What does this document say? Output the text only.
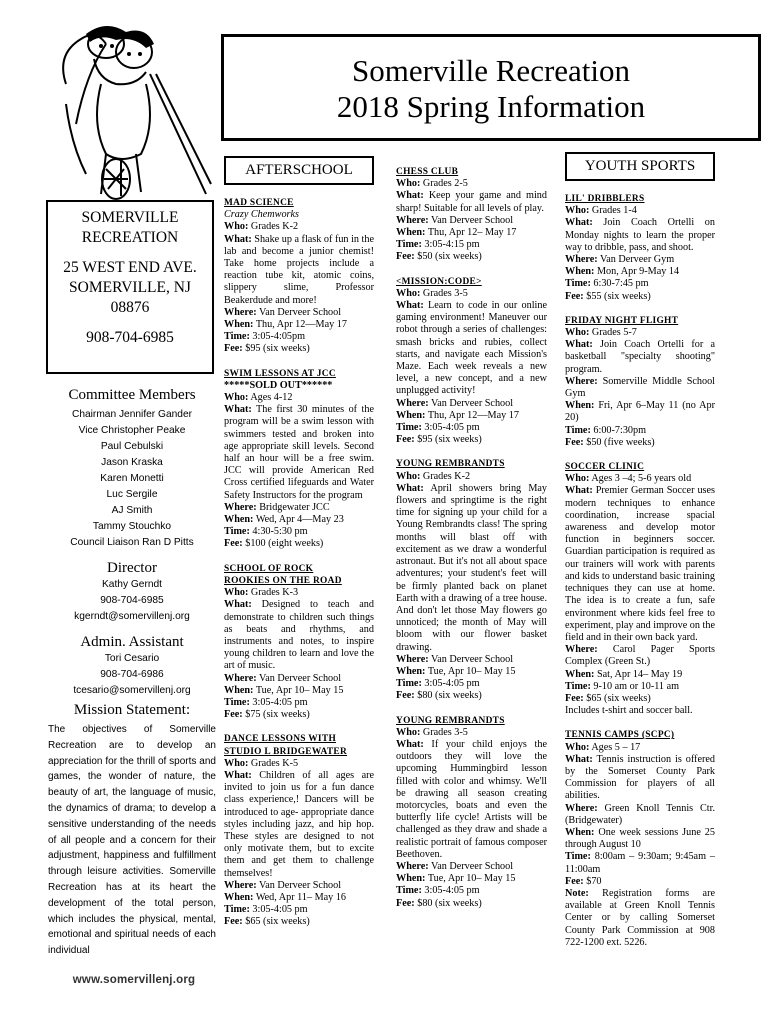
Somerville Recreation
2018 Spring Information
SOMERVILLE
RECREATION
25 WEST END AVE.
SOMERVILLE, NJ
08876
908-704-6985
Committee Members
Chairman Jennifer Gander
Vice Christopher Peake
Paul Cebulski
Jason Kraska
Karen Monetti
Luc Sergile
AJ Smith
Tammy Stouchko
Council Liaison Ran D Pitts
Director
Kathy Gerndt
908-704-6985
kgerndt@somervillenj.org
Admin. Assistant
Tori Cesario
908-704-6986
tcesario@somervillenj.org
Mission Statement:
The objectives of Somerville Recreation are to develop an appreciation for the thrill of sports and games, the wonder of nature, the beauty of art, the language of music, the dynamics of drama; to develop a sensitive understanding of the needs of all people and a concern for their adjustment, happiness and fulfillment through leisure activities. Somerville Recreation has at its heart the development of the total person, which includes the physical, mental, emotional and spiritual needs of each individual
www.somervillenj.org
AFTERSCHOOL
MAD SCIENCE
Crazy Chemworks
Who: Grades K-2
What: Shake up a flask of fun in the lab and become a junior chemist! Take home projects include a reaction tube kit, atomic coins, slippery slime, Professor Beakerdude and more!
Where: Van Derveer School
When: Thu, Apr 12—May 17
Time: 3:05-4:05pm
Fee: $95 (six weeks)
SWIM LESSONS AT JCC
*****SOLD OUT******
Who: Ages 4-12
What: The first 30 minutes of the program will be a swim lesson with swimmers tested and broken into age appropriate skill levels. Second half an hour will be a free swim. JCC will provide American Red Cross certified lifeguards and Water Safety Instructors for the program
Where: Bridgewater JCC
When: Wed, Apr 4—May 23
Time: 4:30-5:30 pm
Fee: $100 (eight weeks)
SCHOOL OF ROCK
ROOKIES ON THE ROAD
Who: Grades K-3
What: Designed to teach and demonstrate to children such things as beats and rhythms, and instruments and notes, to inspire young children to learn and love the art of music.
Where: Van Derveer School
When: Tue, Apr 10– May 15
Time: 3:05-4:05 pm
Fee: $75 (six weeks)
DANCE LESSONS WITH
STUDIO L BRIDGEWATER
Who: Grades K-5
What: Children of all ages are invited to join us for a fun dance class experience,! Dancers will be introduced to age- appropriate dance styles including jazz, and hip hop. These styles are designed to not only motivate them, but to excite them and get them to challenge themselves!
Where: Van Derveer School
When: Wed, Apr 11– May 16
Time: 3:05-4:05 pm
Fee: $65 (six weeks)
CHESS CLUB
Who: Grades 2-5
What: Keep your game and mind sharp! Suitable for all levels of play.
Where: Van Derveer School
When: Thu, Apr 12– May 17
Time: 3:05-4:15 pm
Fee: $50 (six weeks)
<MISSION:CODE>
Who: Grades 3-5
What: Learn to code in our online gaming environment! Maneuver our robot through a series of challenges: smash bricks and rubies, collect starts, and navigate each Mission's Maze. Each week reveals a new level, a new concept, and a new unplugged activity!
Where: Van Derveer School
When: Thu, Apr 12—May 17
Time: 3:05-4:05 pm
Fee: $95 (six weeks)
YOUNG REMBRANDTS
Who: Grades K-2
What: April showers bring May flowers and springtime is the right time for signing up your child for a Young Rembrandts class! The spring months will blast off with excitement as we draw a wonderful astronaut. But it's not all about space adventures; your student's feet will be firmly planted back on planet Earth with a drawing of a tree house. And don't let those May flowers go unnoticed; the month of May will bloom with our flower basket drawing.
Where: Van Derveer School
When: Tue, Apr 10– May 15
Time: 3:05-4:05 pm
Fee: $80 (six weeks)
YOUNG REMBRANDTS
Who: Grades 3-5
What: If your child enjoys the outdoors they will love the upcoming Hummingbird lesson filled with color and whimsy. We'll be drawing all season creating motorcycles, boats and even the butterfly life cycle! Artists will be challenged as they draw and shade a realistic portrait of famous composer Beethoven.
Where: Van Derveer School
When: Tue, Apr 10– May 15
Time: 3:05-4:05 pm
Fee: $80 (six weeks)
YOUTH SPORTS
LIL' DRIBBLERS
Who: Grades 1-4
What: Join Coach Ortelli on Monday nights to learn the proper way to dribble, pass, and shoot.
Where: Van Derveer Gym
When: Mon, Apr 9-May 14
Time: 6:30-7:45 pm
Fee: $55 (six weeks)
FRIDAY NIGHT FLIGHT
Who: Grades 5-7
What: Join Coach Ortelli for a basketball "specialty shooting" program.
Where: Somerville Middle School Gym
When: Fri, Apr 6–May 11 (no Apr 20)
Time: 6:00-7:30pm
Fee: $50 (five weeks)
SOCCER CLINIC
Who: Ages 3 –4; 5-6 years old
What: Premier German Soccer uses modern techniques to enhance coordination, increase spacial awareness and develop motor function in beginners soccer. Guardian participation is required as our trainers will work with parents and kids to understand basic training techniques they can use at home. The idea is to create a fun, safe environment where kids feel free to experiment, play and improve on the field and in their own back yard.
Where: Carol Pager Sports Complex (Green St.)
When: Sat, Apr 14– May 19
Time: 9-10 am or 10-11 am
Fee: $65 (six weeks)
Includes t-shirt and soccer ball.
TENNIS CAMPS (SCPC)
Who: Ages 5 – 17
What: Tennis instruction is offered by the Somerset County Park Commission for players of all abilities.
Where: Green Knoll Tennis Ctr. (Bridgewater)
When: One week sessions June 25 through August 10
Time: 8:00am – 9:30am; 9:45am – 11:00am
Fee: $70
Note: Registration forms are available at Green Knoll Tennis Center or by calling Somerset County Park Commission at 908 722-1200 ext. 5226.
